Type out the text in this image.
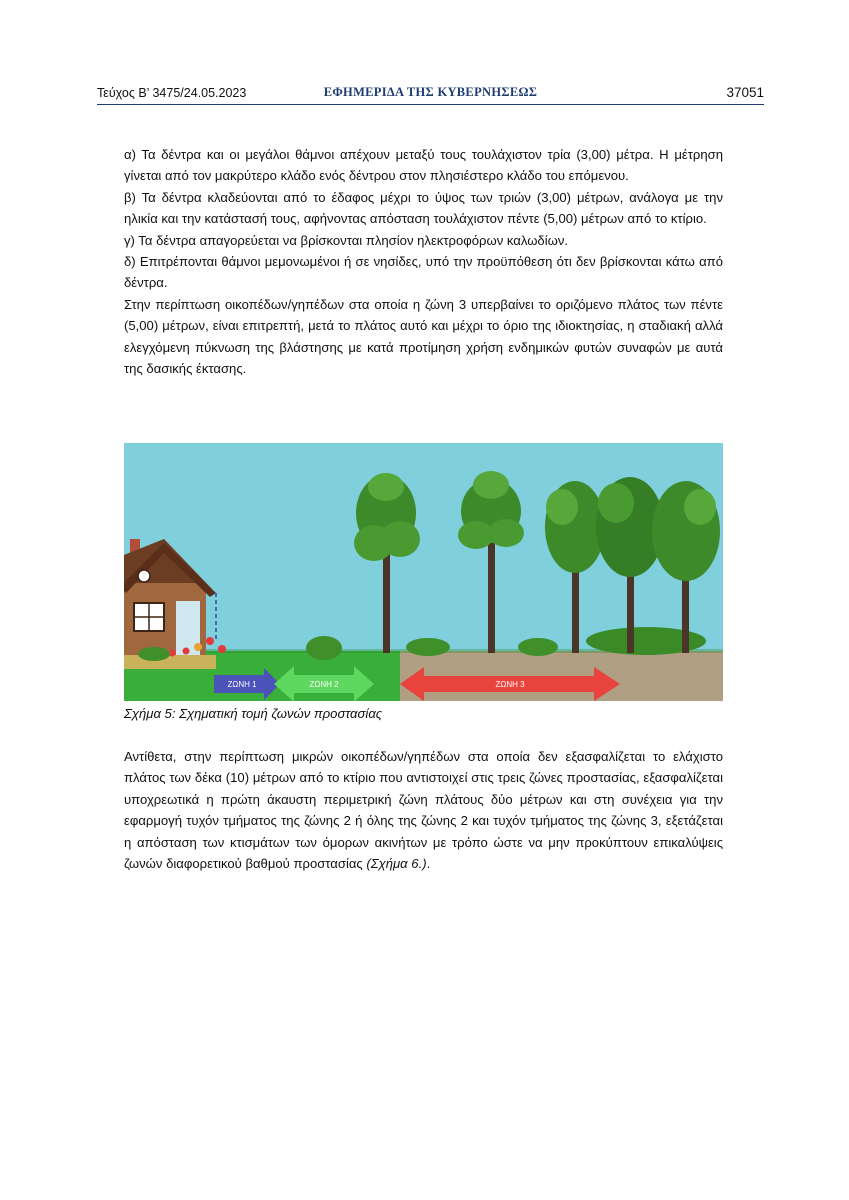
Τεύχος Β’ 3475/24.05.2023	ΕΦΗΜΕΡΙΔΑ ΤΗΣ ΚΥΒΕΡΝΗΣΕΩΣ	37051

α) Τα δέντρα και οι μεγάλοι θάμνοι απέχουν μεταξύ τους τουλάχιστον τρία (3,00) μέτρα. Η μέτρηση γίνεται από τον μακρύτερο κλάδο ενός δέντρου στον πλησιέστερο κλάδο του επόμενου.

β) Τα δέντρα κλαδεύονται από το έδαφος μέχρι το ύψος των τριών (3,00) μέτρων, ανάλογα με την ηλικία και την κατάστασή τους, αφήνοντας απόσταση τουλάχιστον πέντε (5,00) μέτρων από το κτίριο.

γ) Τα δέντρα απαγορεύεται να βρίσκονται πλησίον ηλεκτροφόρων καλωδίων.

δ) Επιτρέπονται θάμνοι μεμονωμένοι ή σε νησίδες, υπό την προϋπόθεση ότι δεν βρίσκονται κάτω από δέντρα.

Στην περίπτωση οικοπέδων/γηπέδων στα οποία η ζώνη 3 υπερβαίνει το οριζόμενο πλάτος των πέντε (5,00) μέτρων, είναι επιτρεπτή, μετά το πλάτος αυτό και μέχρι το όριο της ιδιοκτησίας, η σταδιακή αλλά ελεγχόμενη πύκνωση της βλάστησης με κατά προτίμηση χρήση ενδημικών φυτών συναφών με αυτά της δασικής έκτασης.

ΖΩΝΗ 1	ΖΩΝΗ 2	ΖΩΝΗ 3
Σχήμα 5: Σχηματική τομή ζωνών προστασίας

Αντίθετα, στην περίπτωση μικρών οικοπέδων/γηπέδων στα οποία δεν εξασφαλίζεται το ελάχιστο πλάτος των δέκα (10) μέτρων από το κτίριο που αντιστοιχεί στις τρεις ζώνες προστασίας, εξασφαλίζεται υποχρεωτικά η πρώτη άκαυστη περιμετρική ζώνη πλάτους δύο μέτρων και στη συνέχεια για την εφαρμογή τυχόν τμήματος της ζώνης 2 ή όλης της ζώνης 2 και τυχόν τμήματος της ζώνης 3, εξετάζεται η απόσταση των κτισμάτων των όμορων ακινήτων με τρόπο ώστε να μην προκύπτουν επικαλύψεις ζωνών διαφορετικού βαθμού προστασίας (Σχήμα 6.).
